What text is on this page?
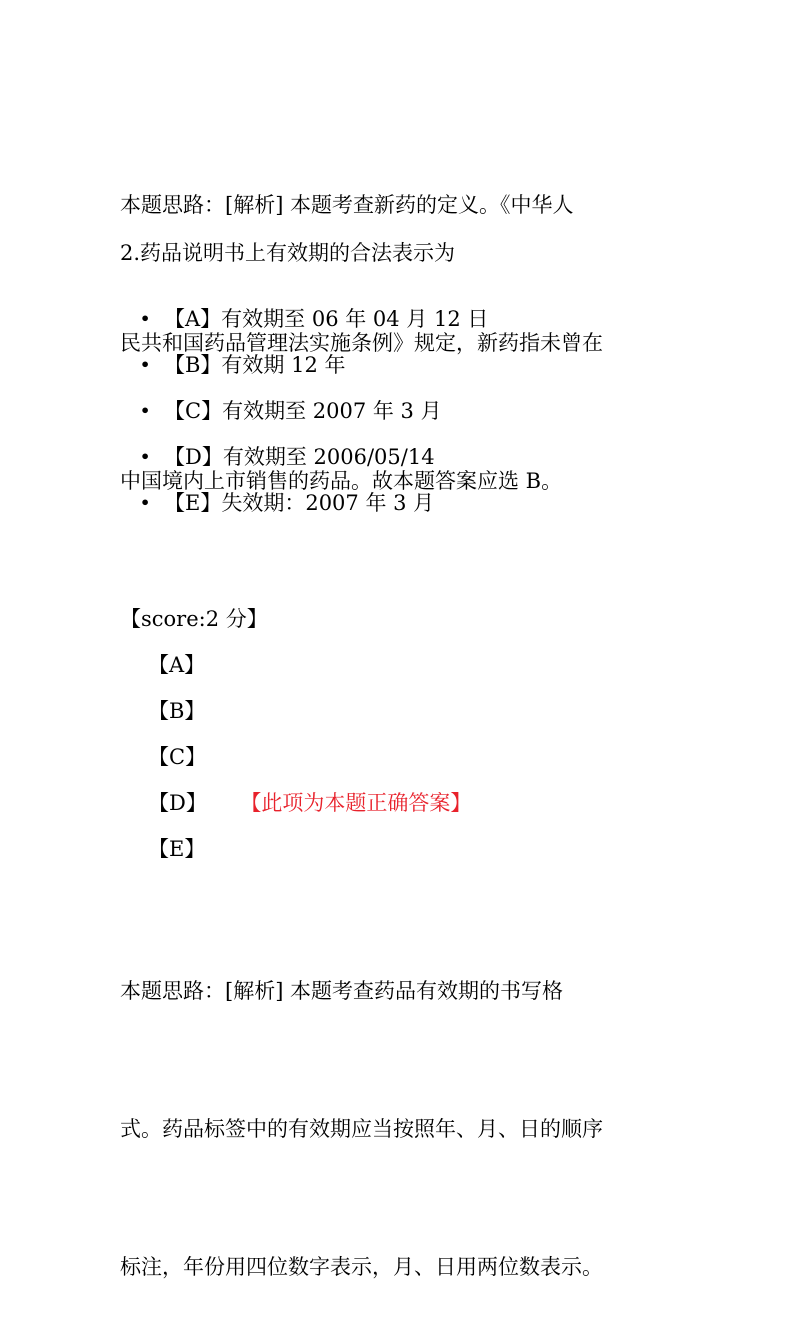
本题思路：[解析] 本题考查新药的定义。《中华人

民共和国药品管理法实施条例》规定，新药指未曾在

中国境内上市销售的药品。故本题答案应选 B。

2.药品说明书上有效期的合法表示为
• 【A】有效期至 06 年 04 月 12 日
• 【B】有效期 12 年
• 【C】有效期至 2007 年 3 月
• 【D】有效期至 2006/05/14
• 【E】失效期：2007 年 3 月
【score:2 分】
【A】
【B】
【C】
【D】 【此项为本题正确答案】
【E】

本题思路：[解析] 本题考查药品有效期的书写格

式。药品标签中的有效期应当按照年、月、日的顺序

标注，年份用四位数字表示，月、日用两位数表示。
